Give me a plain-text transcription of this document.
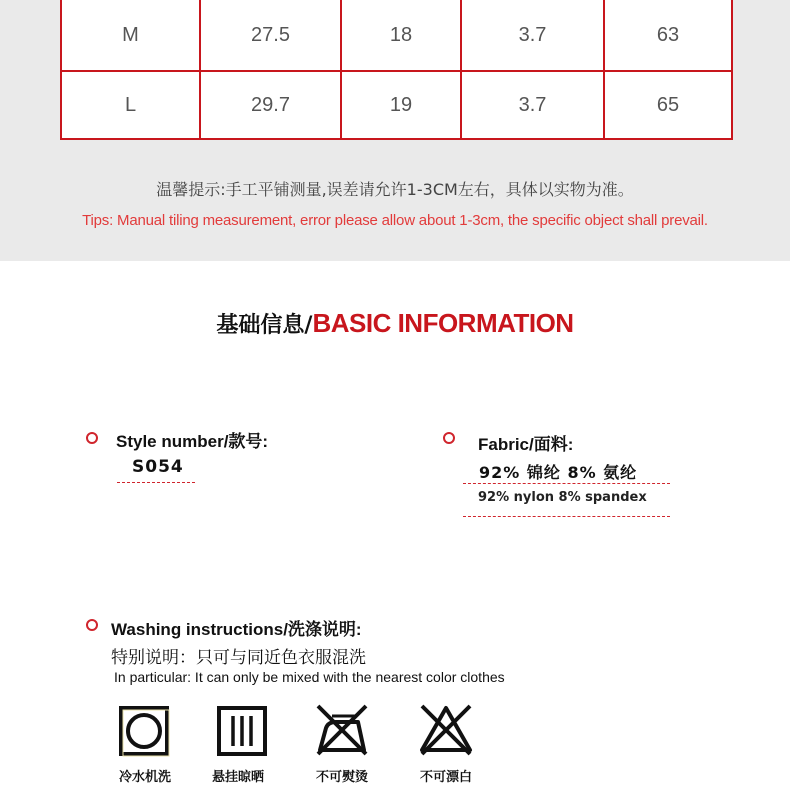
M	27.5	18	3.7	63
L	29.7	19	3.7	65
温馨提示:手工平铺测量,误差请允许1-3CM左右，具体以实物为准。
Tips: Manual tiling measurement, error please allow about 1-3cm, the specific object shall prevail.
基础信息/BASIC INFORMATION
Style number/款号:
S054
Fabric/面料:
92% 锦纶 8% 氨纶
92% nylon 8% spandex
Washing instructions/洗涤说明:
特别说明：只可与同近色衣服混洗
In particular: It can only be mixed with the nearest color clothes
冷水机洗	悬挂晾晒	不可熨烫	不可漂白
